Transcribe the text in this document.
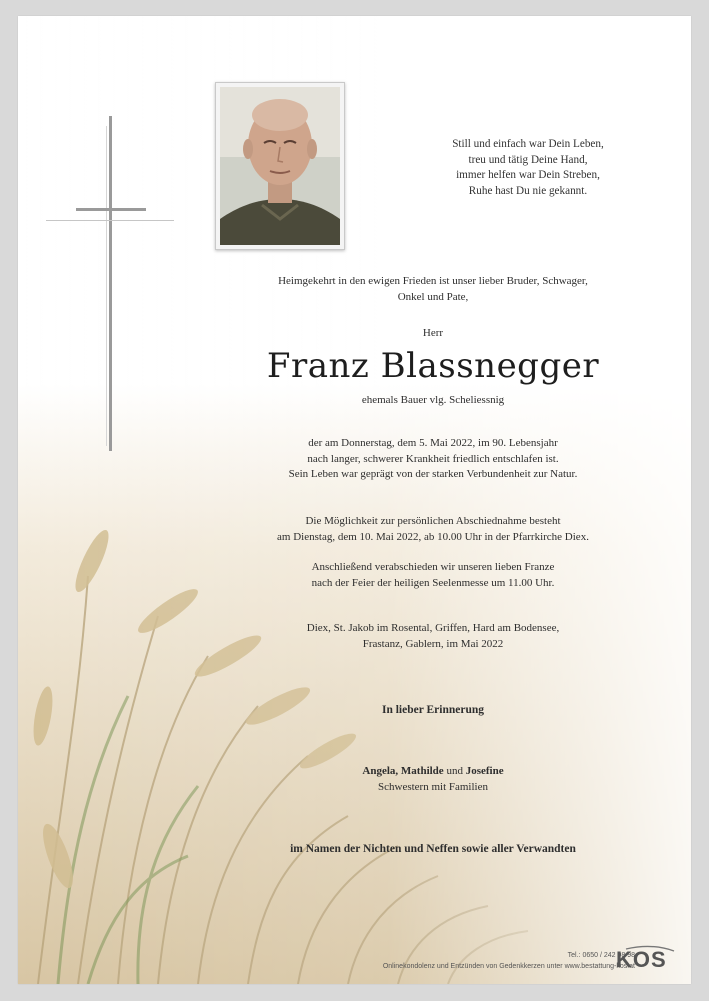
Still und einfach war Dein Leben,
treu und tätig Deine Hand,
immer helfen war Dein Streben,
Ruhe hast Du nie gekannt.
Heimgekehrt in den ewigen Frieden ist unser lieber Bruder, Schwager,
Onkel und Pate,
Herr
Franz Blassnegger
ehemals Bauer vlg. Scheliessnig
der am Donnerstag, dem 5. Mai 2022, im 90. Lebensjahr
nach langer, schwerer Krankheit friedlich entschlafen ist.
Sein Leben war geprägt von der starken Verbundenheit zur Natur.
Die Möglichkeit zur persönlichen Abschiednahme besteht
am Dienstag, dem 10. Mai 2022, ab 10.00 Uhr in der Pfarrkirche Diex.
Anschließend verabschieden wir unseren lieben Franze
nach der Feier der heiligen Seelenmesse um 11.00 Uhr.
Diex, St. Jakob im Rosental, Griffen, Hard am Bodensee,
Frastanz, Gablern, im Mai 2022
In lieber Erinnerung
Angela, Mathilde und Josefine
Schwestern mit Familien
im Namen der Nichten und Neffen sowie aller Verwandten
Tel.: 0650 / 242 98 98
Onlinekondolenz und Entzünden von Gedenkkerzen unter www.bestattung-kos.at
KOS
